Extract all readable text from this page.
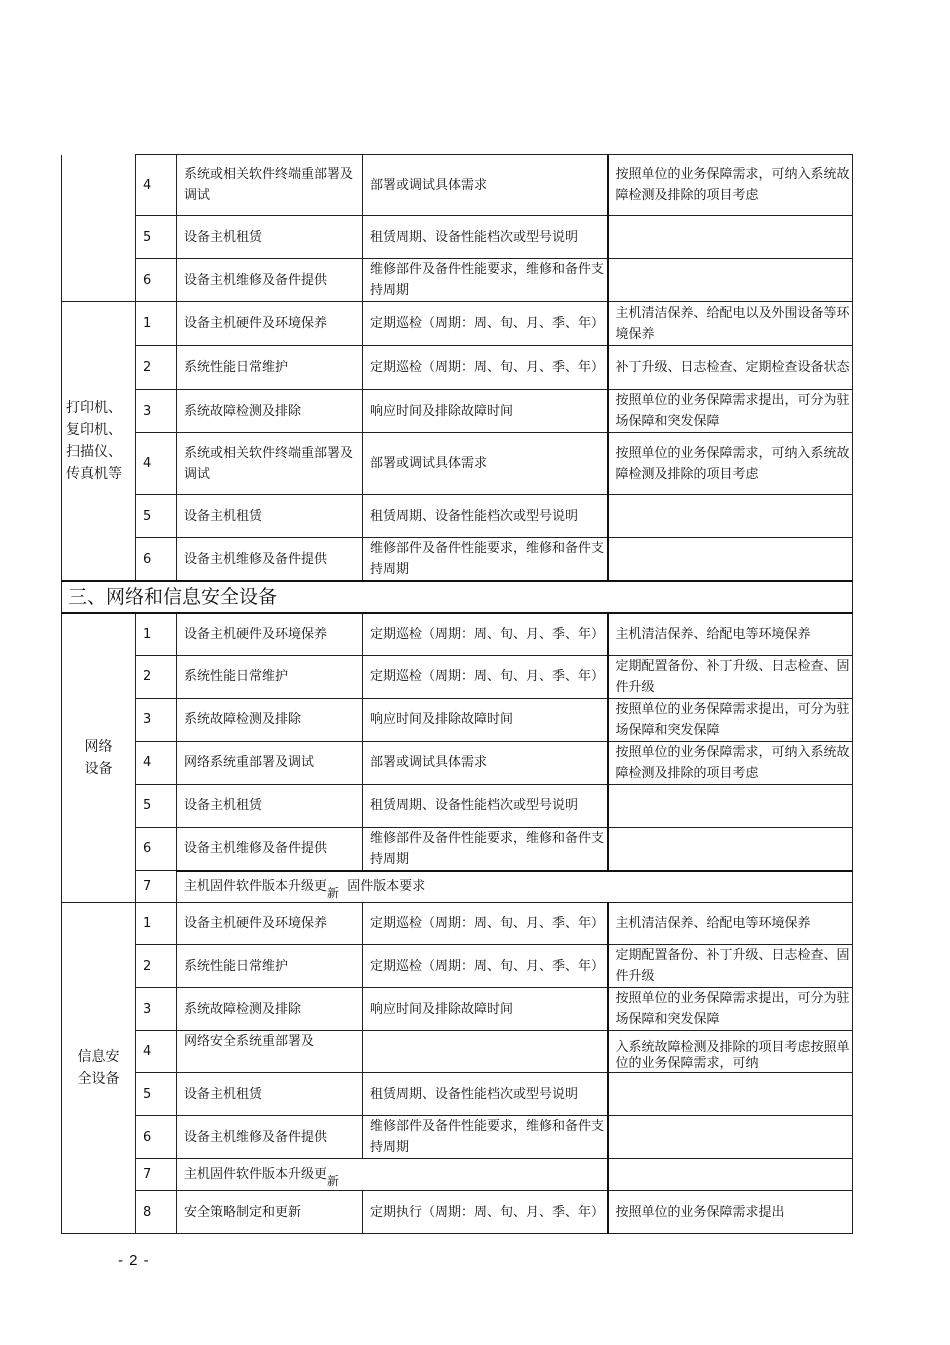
	4	系统或相关软件终端重部署及调试	部署或调试具体需求	按照单位的业务保障需求，可纳入系统故障检测及排除的项目考虑
	5	设备主机租赁	租赁周期、设备性能档次或型号说明	
	6	设备主机维修及备件提供	维修部件及备件性能要求，维修和备件支持周期	
打印机、复印机、扫描仪、传真机等	1	设备主机硬件及环境保养	定期巡检（周期：周、旬、月、季、年）	主机清洁保养、给配电以及外围设备等环境保养
	2	系统性能日常维护	定期巡检（周期：周、旬、月、季、年）	补丁升级、日志检查、定期检查设备状态
	3	系统故障检测及排除	响应时间及排除故障时间	按照单位的业务保障需求提出，可分为驻场保障和突发保障
	4	系统或相关软件终端重部署及调试	部署或调试具体需求	按照单位的业务保障需求，可纳入系统故障检测及排除的项目考虑
	5	设备主机租赁	租赁周期、设备性能档次或型号说明	
	6	设备主机维修及备件提供	维修部件及备件性能要求，维修和备件支持周期	
三、网络和信息安全设备				
网络设备	1	设备主机硬件及环境保养	定期巡检（周期：周、旬、月、季、年）	主机清洁保养、给配电等环境保养
	2	系统性能日常维护	定期巡检（周期：周、旬、月、季、年）	定期配置备份、补丁升级、日志检查、固件升级
	3	系统故障检测及排除	响应时间及排除故障时间	按照单位的业务保障需求提出，可分为驻场保障和突发保障
	4	网络系统重部署及调试	部署或调试具体需求	按照单位的业务保障需求，可纳入系统故障检测及排除的项目考虑
	5	设备主机租赁	租赁周期、设备性能档次或型号说明	
	6	设备主机维修及备件提供	维修部件及备件性能要求，维修和备件支持周期	
	7	主机固件软件版本升级更新 固件版本要求		
信息安全设备	1	设备主机硬件及环境保养	定期巡检（周期：周、旬、月、季、年）	主机清洁保养、给配电等环境保养
	2	系统性能日常维护	定期巡检（周期：周、旬、月、季、年）	定期配置备份、补丁升级、日志检查、固件升级
	3	系统故障检测及排除	响应时间及排除故障时间	按照单位的业务保障需求提出，可分为驻场保障和突发保障
	4	网络安全系统重部署及		入系统故障检测及排除的项目考虑按照单位的业务保障需求，可纳
	5	设备主机租赁	租赁周期、设备性能档次或型号说明	
	6	设备主机维修及备件提供	维修部件及备件性能要求，维修和备件支持周期	
	7	主机固件软件版本升级更新		
	8	安全策略制定和更新	定期执行（周期：周、旬、月、季、年）	按照单位的业务保障需求提出
- 2 -
